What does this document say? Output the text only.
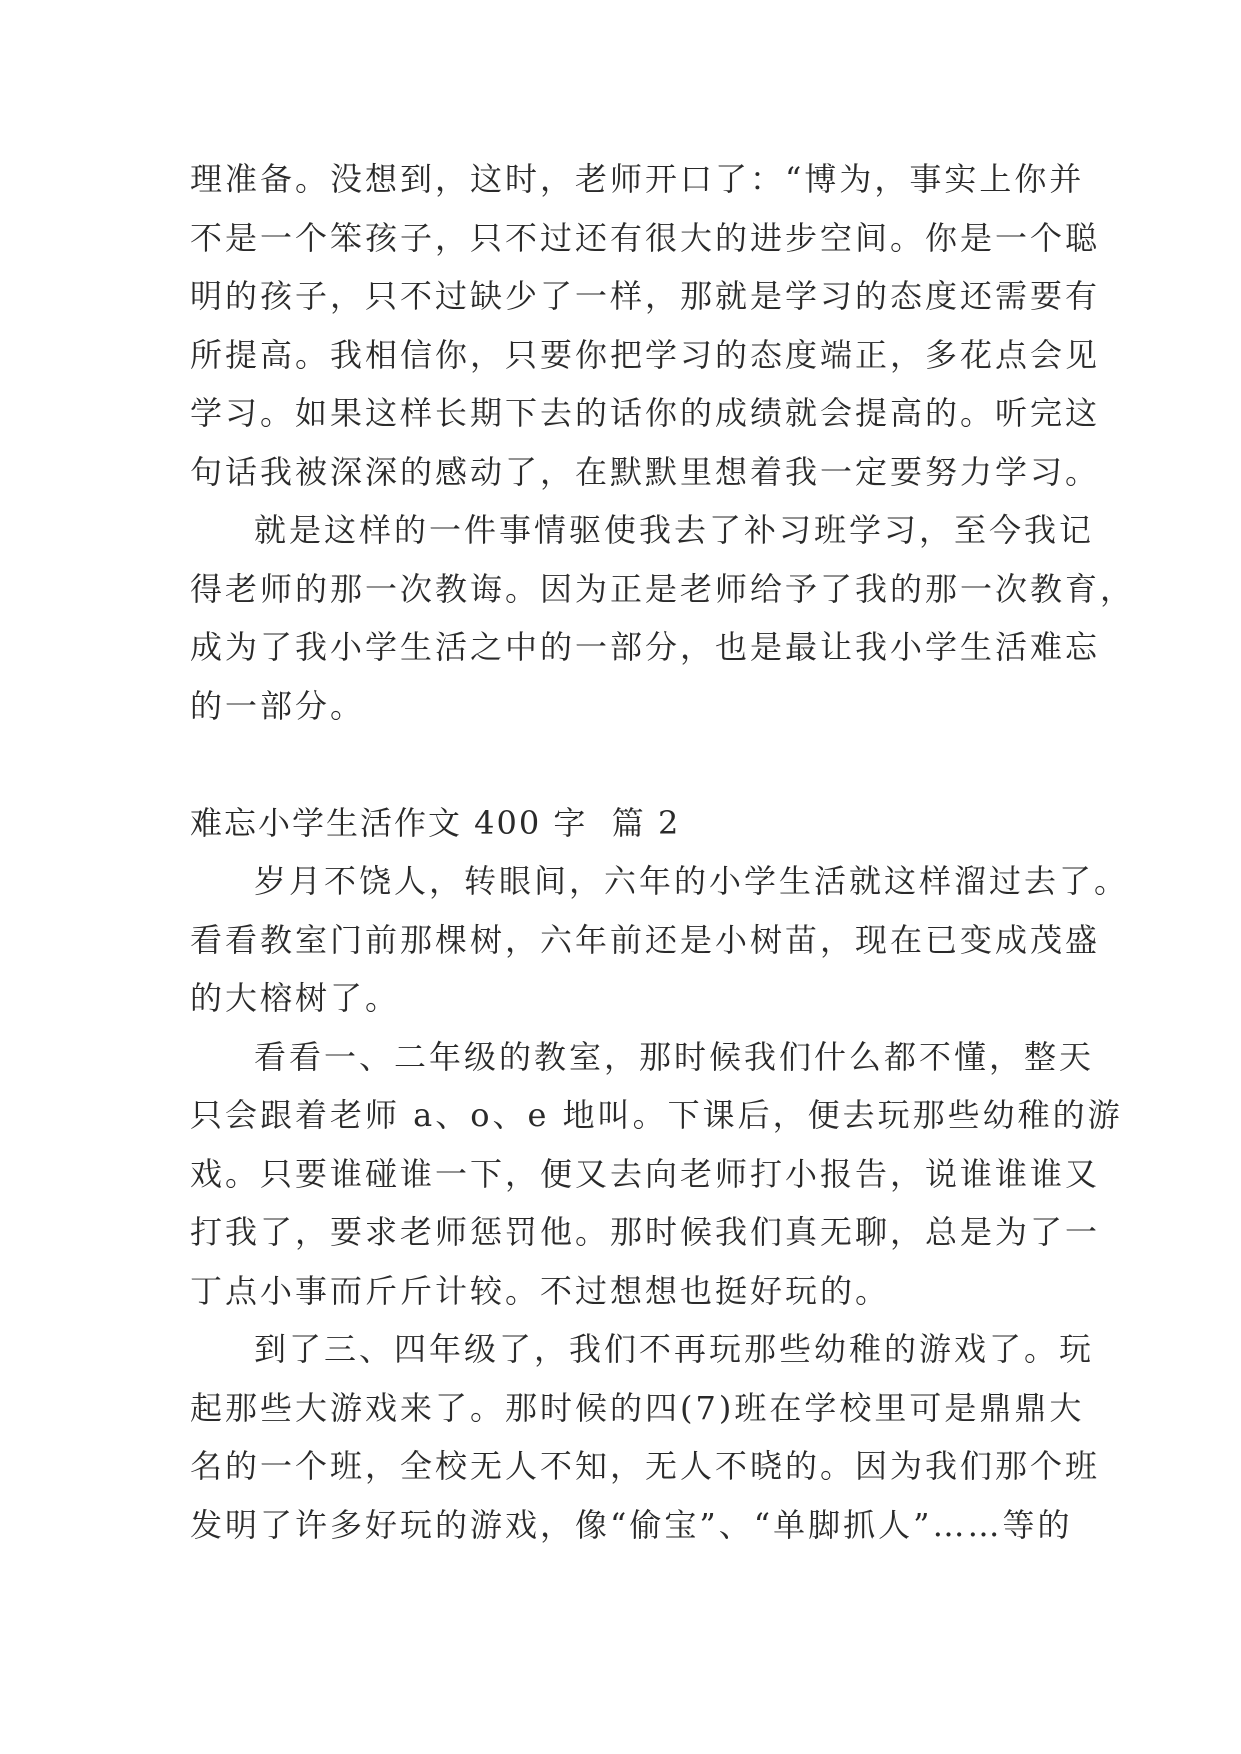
理准备。没想到，这时，老师开口了：“博为，事实上你并
不是一个笨孩子，只不过还有很大的进步空间。你是一个聪
明的孩子，只不过缺少了一样，那就是学习的态度还需要有
所提高。我相信你，只要你把学习的态度端正，多花点会见
学习。如果这样长期下去的话你的成绩就会提高的。听完这
句话我被深深的感动了，在默默里想着我一定要努力学习。
就是这样的一件事情驱使我去了补习班学习，至今我记
得老师的那一次教诲。因为正是老师给予了我的那一次教育，
成为了我小学生活之中的一部分，也是最让我小学生活难忘
的一部分。
难忘小学生活作文 400 字  篇 2
岁月不饶人，转眼间，六年的小学生活就这样溜过去了。
看看教室门前那棵树，六年前还是小树苗，现在已变成茂盛
的大榕树了。
看看一、二年级的教室，那时候我们什么都不懂，整天
只会跟着老师 a、o、e 地叫。下课后，便去玩那些幼稚的游
戏。只要谁碰谁一下，便又去向老师打小报告，说谁谁谁又
打我了，要求老师惩罚他。那时候我们真无聊，总是为了一
丁点小事而斤斤计较。不过想想也挺好玩的。
到了三、四年级了，我们不再玩那些幼稚的游戏了。玩
起那些大游戏来了。那时候的四(7)班在学校里可是鼎鼎大
名的一个班，全校无人不知，无人不晓的。因为我们那个班
发明了许多好玩的游戏，像“偷宝”、“单脚抓人”……等的
